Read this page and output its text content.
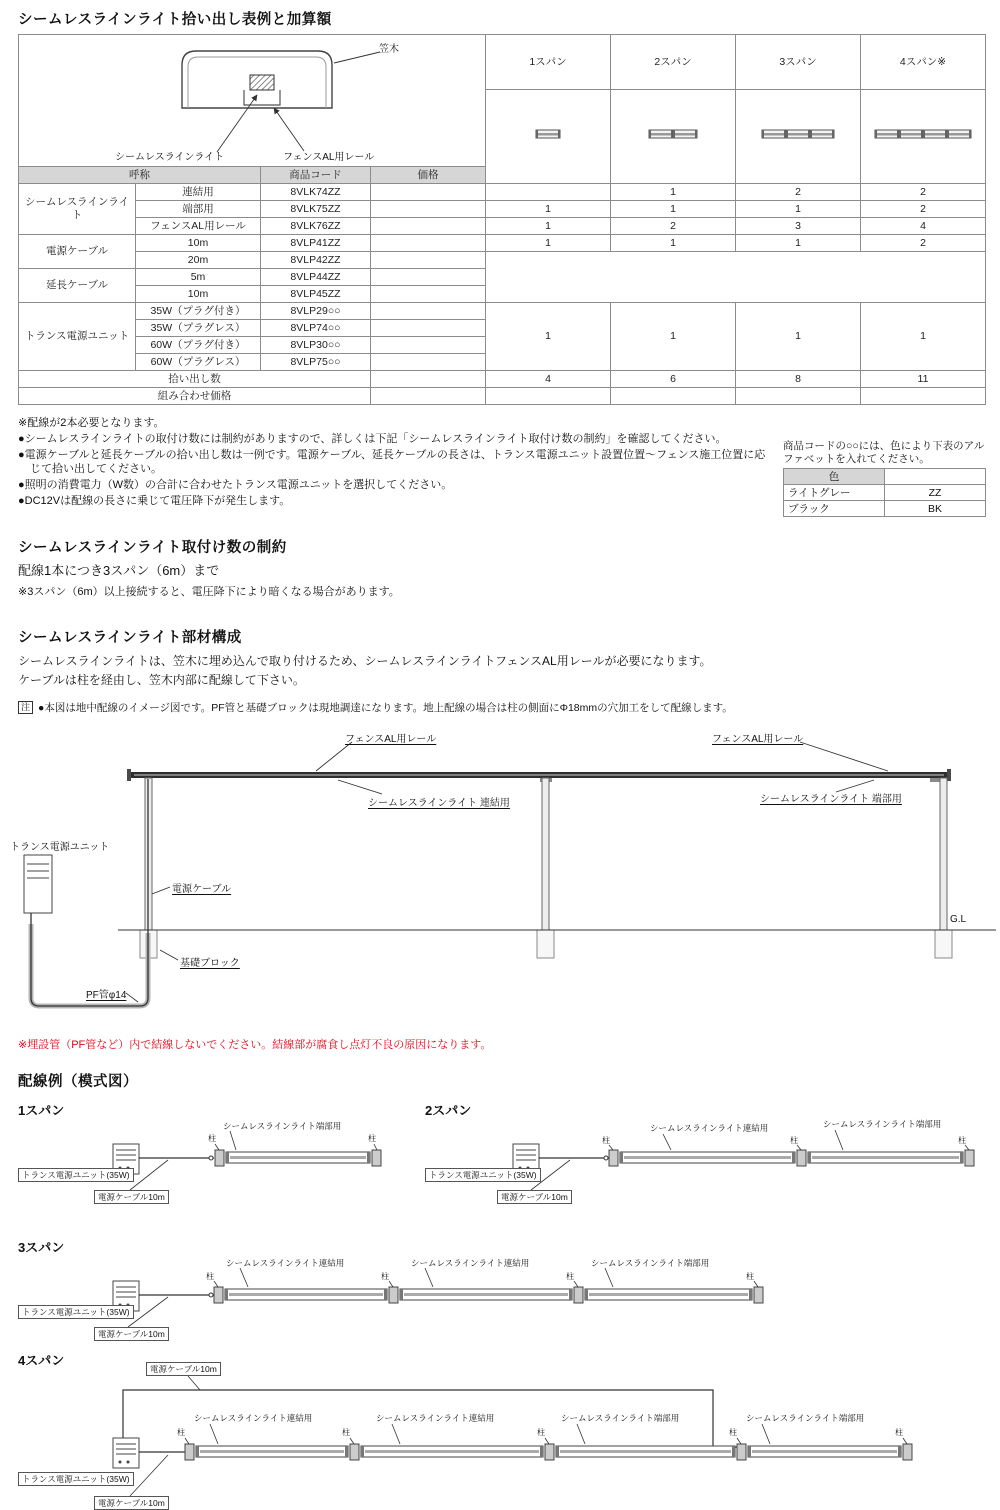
シームレスラインライト拾い出し表例と加算額
笠木
シームレスラインライト フェンスAL用レール				1スパン	2スパン	3スパン	4スパン※

呼称		商品コード	価格				
シームレスラインライト	連結用	8VLK74ZZ			1	2	2
	端部用	8VLK75ZZ		1	1	1	2
	フェンスAL用レール	8VLK76ZZ		1	2	3	4
電源ケーブル	10m	8VLP41ZZ		1	1	1	2
	20m	8VLP42ZZ					
延長ケーブル	5m	8VLP44ZZ					
	10m	8VLP45ZZ					
トランス電源ユニット	35W（プラグ付き）	8VLP29○○		1	1	1	1
	35W（プラグレス）	8VLP74○○					
	60W（プラグ付き）	8VLP30○○					
	60W（プラグレス）	8VLP75○○					
拾い出し数				4	6	8	11
組み合わせ価格							
※配線が2本必要となります。
●シームレスラインライトの取付け数には制約がありますので、詳しくは下記「シームレスラインライト取付け数の制約」を確認してください。
●電源ケーブルと延長ケーブルの拾い出し数は一例です。電源ケーブル、延長ケーブルの長さは、トランス電源ユニット設置位置～フェンス施工位置に応じて拾い出してください。
●照明の消費電力（W数）の合計に合わせたトランス電源ユニットを選択してください。
●DC12Vは配線の長さに乗じて電圧降下が発生します。
商品コードの○○には、色により下表のアルファベットを入れてください。
色	
ライトグレー	ZZ
ブラック	BK
シームレスラインライト取付け数の制約
配線1本につき3スパン（6m）まで
※3スパン（6m）以上接続すると、電圧降下により暗くなる場合があります。
シームレスラインライト部材構成
シームレスラインライトは、笠木に埋め込んで取り付けるため、シームレスラインライトフェンスAL用レールが必要になります。
ケーブルは柱を経由し、笠木内部に配線して下さい。
注 ●本図は地中配線のイメージ図です。PF管と基礎ブロックは現地調達になります。地上配線の場合は柱の側面にΦ18mmの穴加工をして配線します。
フェンスAL用レール	フェンスAL用レール
シームレスラインライト 連結用	シームレスラインライト 端部用
トランス電源ユニット
電源ケーブル
基礎ブロック
PF管φ14
G.L
※埋設管（PF管など）内で結線しないでください。結線部が腐食し点灯不良の原因になります。
配線例（模式図）
1スパン
シームレスラインライト端部用
柱	柱
トランス電源ユニット(35W)
電源ケーブル10m
2スパン
シームレスラインライト連結用	シームレスラインライト端部用
柱	柱	柱
トランス電源ユニット(35W)
電源ケーブル10m
3スパン
シームレスラインライト連結用	シームレスラインライト連結用	シームレスラインライト端部用
柱	柱	柱	柱
トランス電源ユニット(35W)
電源ケーブル10m
4スパン
電源ケーブル10m
シームレスラインライト連結用	シームレスラインライト連結用	シームレスラインライト端部用	シームレスラインライト端部用
柱	柱	柱	柱	柱
トランス電源ユニット(35W)
電源ケーブル10m
